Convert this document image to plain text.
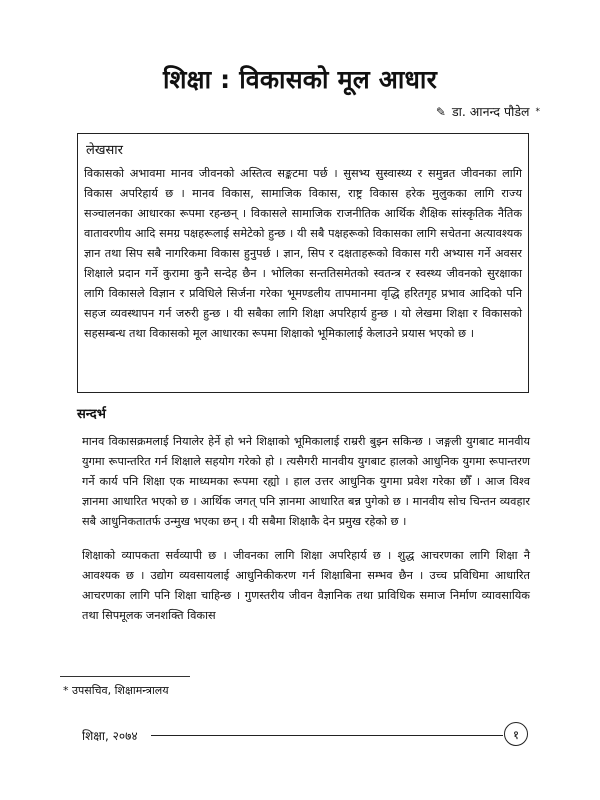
शिक्षा : विकासको मूल आधार
✎ डा. आनन्द पौडेल *
लेखसार
विकासको अभावमा मानव जीवनको अस्तित्व सङ्कटमा पर्छ । सुसभ्य सुस्वास्थ्य र समुन्नत जीवनका लागि विकास अपरिहार्य छ । मानव विकास, सामाजिक विकास, राष्ट्र विकास हरेक मुलुकका लागि राज्य सञ्चालनका आधारका रूपमा रहन्छन् । विकासले सामाजिक राजनीतिक आर्थिक शैक्षिक सांस्कृतिक नैतिक वातावरणीय आदि समग्र पक्षहरूलाई समेटेको हुन्छ । यी सबै पक्षहरूको विकासका लागि सचेतना अत्यावश्यक ज्ञान तथा सिप सबै नागरिकमा विकास हुनुपर्छ । ज्ञान, सिप र दक्षताहरूको विकास गरी अभ्यास गर्ने अवसर शिक्षाले प्रदान गर्ने कुरामा कुनै सन्देह छैन । भोलिका सन्ततिसमेतको स्वतन्त्र र स्वस्थ्य जीवनको सुरक्षाका लागि विकासले विज्ञान र प्रविधिले सिर्जना गरेका भूमण्डलीय तापमानमा वृद्धि हरितगृह प्रभाव आदिको पनि सहज व्यवस्थापन गर्न जरुरी हुन्छ । यी सबैका लागि शिक्षा अपरिहार्य हुन्छ । यो लेखमा शिक्षा र विकासको सहसम्बन्ध तथा विकासको मूल आधारका रूपमा शिक्षाको भूमिकालाई केलाउने प्रयास भएको छ ।
सन्दर्भ
मानव विकासक्रमलाई नियालेर हेर्ने हो भने शिक्षाको भूमिकालाई राम्ररी बुझ्न सकिन्छ । जङ्गली युगबाट मानवीय युगमा रूपान्तरित गर्न शिक्षाले सहयोग गरेको हो । त्यसैगरी मानवीय युगबाट हालको आधुनिक युगमा रूपान्तरण गर्ने कार्य पनि शिक्षा एक माध्यमका रूपमा रह्यो । हाल उत्तर आधुनिक युगमा प्रवेश गरेका छौँ । आज विश्व ज्ञानमा आधारित भएको छ । आर्थिक जगत् पनि ज्ञानमा आधारित बन्न पुगेको छ । मानवीय सोच चिन्तन व्यवहार सबै आधुनिकतातर्फ उन्मुख भएका छन् । यी सबैमा शिक्षाकै देन प्रमुख रहेको छ ।
शिक्षाको व्यापकता सर्वव्यापी छ । जीवनका लागि शिक्षा अपरिहार्य छ । शुद्ध आचरणका लागि शिक्षा नै आवश्यक छ । उद्योग व्यवसायलाई आधुनिकीकरण गर्न शिक्षाबिना सम्भव छैन । उच्च प्रविधिमा आधारित आचरणका लागि पनि शिक्षा चाहिन्छ । गुणस्तरीय जीवन वैज्ञानिक तथा प्राविधिक समाज निर्माण व्यावसायिक तथा सिपमूलक जनशक्ति विकास
* उपसचिव, शिक्षामन्त्रालय
शिक्षा, २०७४	१
